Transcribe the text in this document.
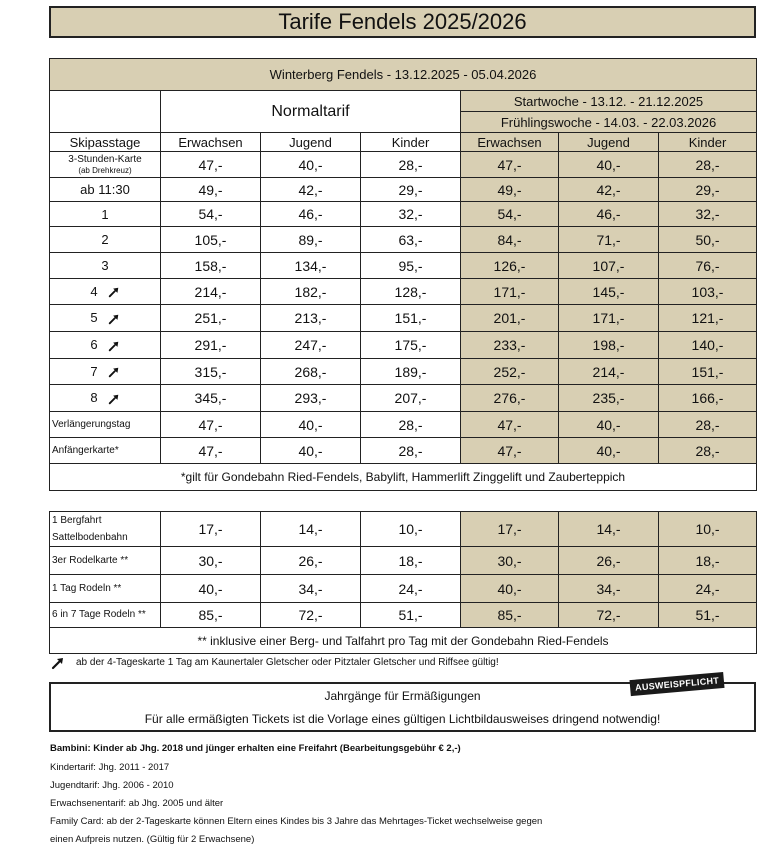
Tarife Fendels 2025/2026
Winterberg Fendels - 13.12.2025 - 05.04.2026						
	Normaltarif			Startwoche - 13.12. - 21.12.2025		
				Frühlingswoche - 14.03. - 22.03.2026		
Skipasstage	Erwachsen	Jugend	Kinder	Erwachsen	Jugend	Kinder

3-Stunden-Karte
(ab Drehkreuz)	47,-	40,-	28,-	47,-	40,-	28,-
ab 11:30	49,-	42,-	29,-	49,-	42,-	29,-
1	54,-	46,-	32,-	54,-	46,-	32,-
2	105,-	89,-	63,-	84,-	71,-	50,-
3	158,-	134,-	95,-	126,-	107,-	76,-
4	214,-	182,-	128,-	171,-	145,-	103,-
5	251,-	213,-	151,-	201,-	171,-	121,-
6	291,-	247,-	175,-	233,-	198,-	140,-
7	315,-	268,-	189,-	252,-	214,-	151,-
8	345,-	293,-	207,-	276,-	235,-	166,-
Verlängerungstag	47,-	40,-	28,-	47,-	40,-	28,-
Anfängerkarte*	47,-	40,-	28,-	47,-	40,-	28,-
*gilt für Gondebahn Ried-Fendels, Babylift, Hammerlift Zinggelift und Zauberteppich						
1 Bergfahrt Sattelbodenbahn	17,-	14,-	10,-	17,-	14,-	10,-
3er Rodelkarte **	30,-	26,-	18,-	30,-	26,-	18,-
1 Tag Rodeln **	40,-	34,-	24,-	40,-	34,-	24,-
6 in 7 Tage Rodeln **	85,-	72,-	51,-	85,-	72,-	51,-
** inklusive einer Berg- und Talfahrt pro Tag mit der Gondebahn Ried-Fendels						
ab der 4-Tageskarte 1 Tag am Kaunertaler Gletscher oder Pitztaler Gletscher und Riffsee gültig!
Jahrgänge für Ermäßigungen
Für alle ermäßigten Tickets ist die Vorlage eines gültigen Lichtbildausweises dringend notwendig!
AUSWEISPFLICHT
Bambini: Kinder ab Jhg. 2018 und jünger erhalten eine Freifahrt (Bearbeitungsgebühr € 2,-)
Kindertarif: Jhg. 2011 - 2017
Jugendtarif: Jhg. 2006 - 2010
Erwachsenentarif: ab Jhg. 2005 und älter
Family Card: ab der 2-Tageskarte können Eltern eines Kindes bis 3 Jahre das Mehrtages-Ticket wechselweise gegen
einen Aufpreis nutzen. (Gültig für 2 Erwachsene)
